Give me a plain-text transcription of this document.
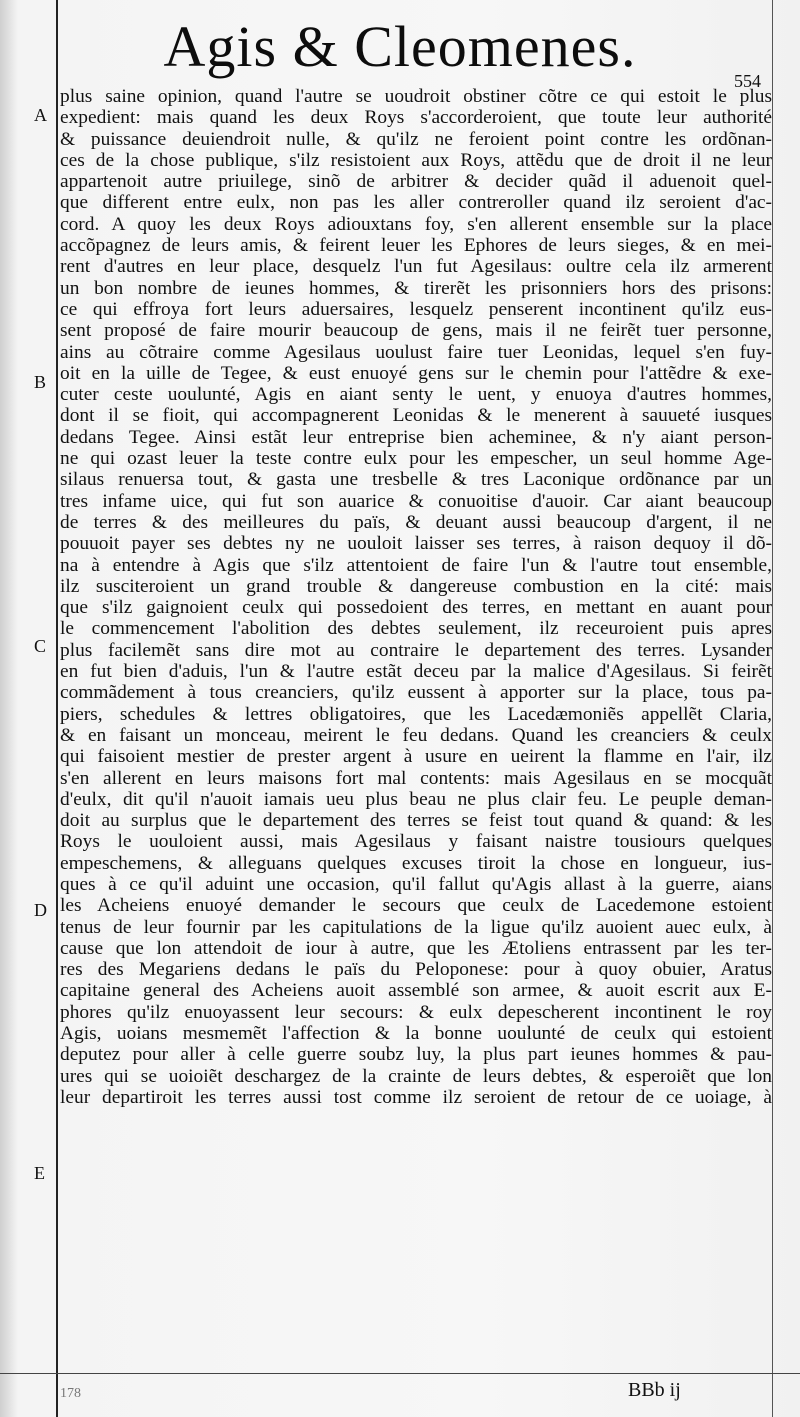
Agis & Cleomenes.
554
A
B
C
D
E
plus saine opinion, quand l'autre se uoudroit obstiner cõtre ce qui estoit le plus
expedient: mais quand les deux Roys s'accorderoient, que toute leur authorité
& puissance deuiendroit nulle, & qu'ilz ne feroient point contre les ordõnan-
ces de la chose publique, s'ilz resistoient aux Roys, attẽdu que de droit il ne leur
appartenoit autre priuilege, sinõ de arbitrer & decider quãd il aduenoit quel-
que different entre eulx, non pas les aller contreroller quand ilz seroient d'ac-
cord. A quoy les deux Roys adiouxtans foy, s'en allerent ensemble sur la place
accõpagnez de leurs amis, & feirent leuer les Ephores de leurs sieges, & en mei-
rent d'autres en leur place, desquelz l'un fut Agesilaus: oultre cela ilz armerent
un bon nombre de ieunes hommes, & tirerẽt les prisonniers hors des prisons:
ce qui effroya fort leurs aduersaires, lesquelz penserent incontinent qu'ilz eus-
sent proposé de faire mourir beaucoup de gens, mais il ne feirẽt tuer personne,
ains au cõtraire comme Agesilaus uoulust faire tuer Leonidas, lequel s'en fuy-
oit en la uille de Tegee, & eust enuoyé gens sur le chemin pour l'attẽdre & exe-
cuter ceste uoulunté, Agis en aiant senty le uent, y enuoya d'autres hommes,
dont il se fioit, qui accompagnerent Leonidas & le menerent à sauueté iusques
dedans Tegee. Ainsi estãt leur entreprise bien acheminee, & n'y aiant person-
ne qui ozast leuer la teste contre eulx pour les empescher, un seul homme Age-
silaus renuersa tout, & gasta une tresbelle & tres Laconique ordõnance par un
tres infame uice, qui fut son auarice & conuoitise d'auoir. Car aiant beaucoup
de terres & des meilleures du païs, & deuant aussi beaucoup d'argent, il ne
pouuoit payer ses debtes ny ne uouloit laisser ses terres, à raison dequoy il dõ-
na à entendre à Agis que s'ilz attentoient de faire l'un & l'autre tout ensemble,
ilz susciteroient un grand trouble & dangereuse combustion en la cité: mais
que s'ilz gaignoient ceulx qui possedoient des terres, en mettant en auant pour
le commencement l'abolition des debtes seulement, ilz receuroient puis apres
plus facilemẽt sans dire mot au contraire le departement des terres. Lysander
en fut bien d'aduis, l'un & l'autre estãt deceu par la malice d'Agesilaus. Si feirẽt
commãdement à tous creanciers, qu'ilz eussent à apporter sur la place, tous pa-
piers, schedules & lettres obligatoires, que les Lacedæmoniẽs appellẽt Claria,
& en faisant un monceau, meirent le feu dedans. Quand les creanciers & ceulx
qui faisoient mestier de prester argent à usure en ueirent la flamme en l'air, ilz
s'en allerent en leurs maisons fort mal contents: mais Agesilaus en se mocquãt
d'eulx, dit qu'il n'auoit iamais ueu plus beau ne plus clair feu. Le peuple deman-
doit au surplus que le departement des terres se feist tout quand & quand: & les
Roys le uouloient aussi, mais Agesilaus y faisant naistre tousiours quelques
empeschemens, & alleguans quelques excuses tiroit la chose en longueur, ius-
ques à ce qu'il aduint une occasion, qu'il fallut qu'Agis allast à la guerre, aians
les Acheiens enuoyé demander le secours que ceulx de Lacedemone estoient
tenus de leur fournir par les capitulations de la ligue qu'ilz auoient auec eulx, à
cause que lon attendoit de iour à autre, que les Ætoliens entrassent par les ter-
res des Megariens dedans le païs du Peloponese: pour à quoy obuier, Aratus
capitaine general des Acheiens auoit assemblé son armee, & auoit escrit aux E-
phores qu'ilz enuoyassent leur secours: & eulx depescherent incontinent le roy
Agis, uoians mesmemẽt l'affection & la bonne uoulunté de ceulx qui estoient
deputez pour aller à celle guerre soubz luy, la plus part ieunes hommes & pau-
ures qui se uoioiẽt deschargez de la crainte de leurs debtes, & esperoiẽt que lon
leur departiroit les terres aussi tost comme ilz seroient de retour de ce uoiage, à
BBb ij
178
